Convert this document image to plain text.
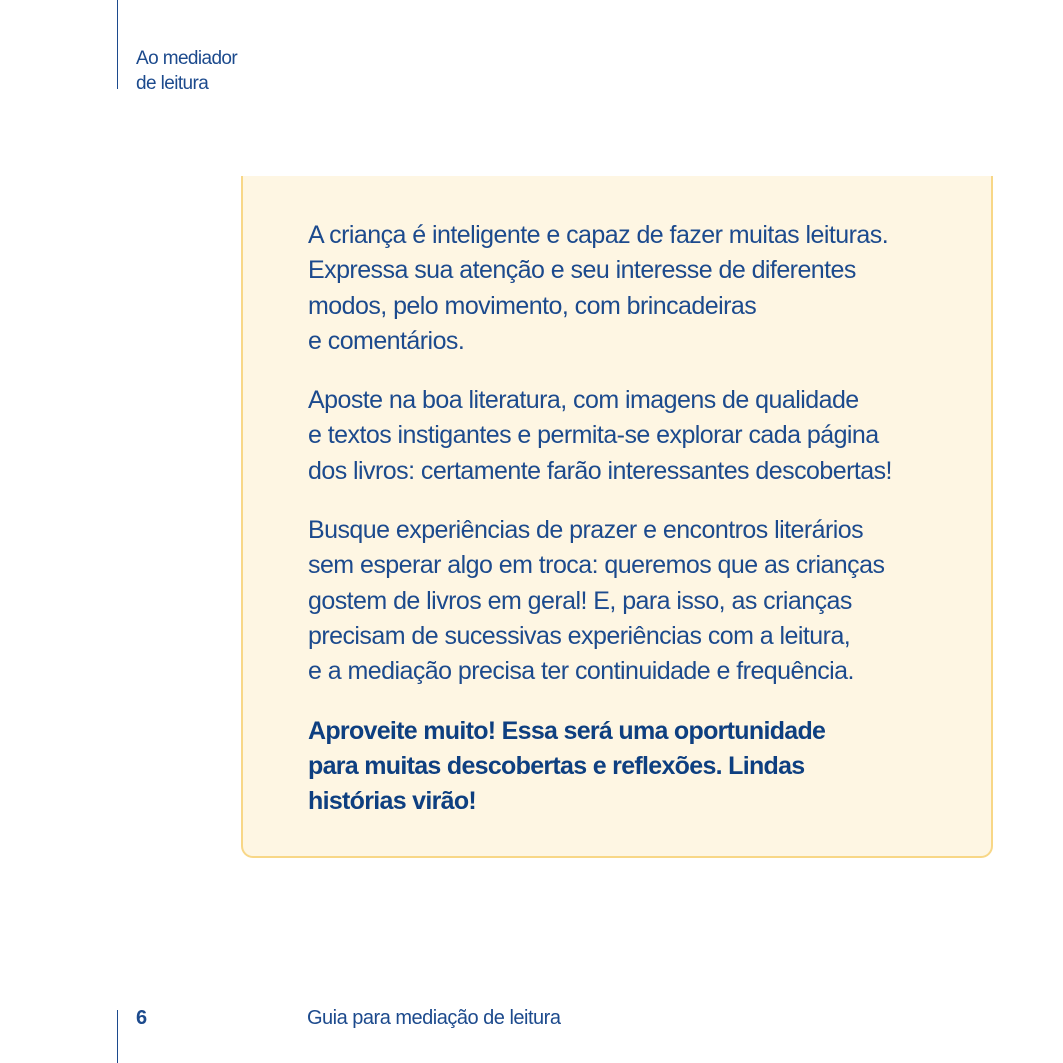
Ao mediador
de leitura

A criança é inteligente e capaz de fazer muitas leituras.
Expressa sua atenção e seu interesse de diferentes
modos, pelo movimento, com brincadeiras
e comentários.

Aposte na boa literatura, com imagens de qualidade
e textos instigantes e permita-se explorar cada página
dos livros: certamente farão interessantes descobertas!

Busque experiências de prazer e encontros literários
sem esperar algo em troca: queremos que as crianças
gostem de livros em geral! E, para isso, as crianças
precisam de sucessivas experiências com a leitura,
e a mediação precisa ter continuidade e frequência.

Aproveite muito! Essa será uma oportunidade
para muitas descobertas e reflexões. Lindas
histórias virão!

6	Guia para mediação de leitura
